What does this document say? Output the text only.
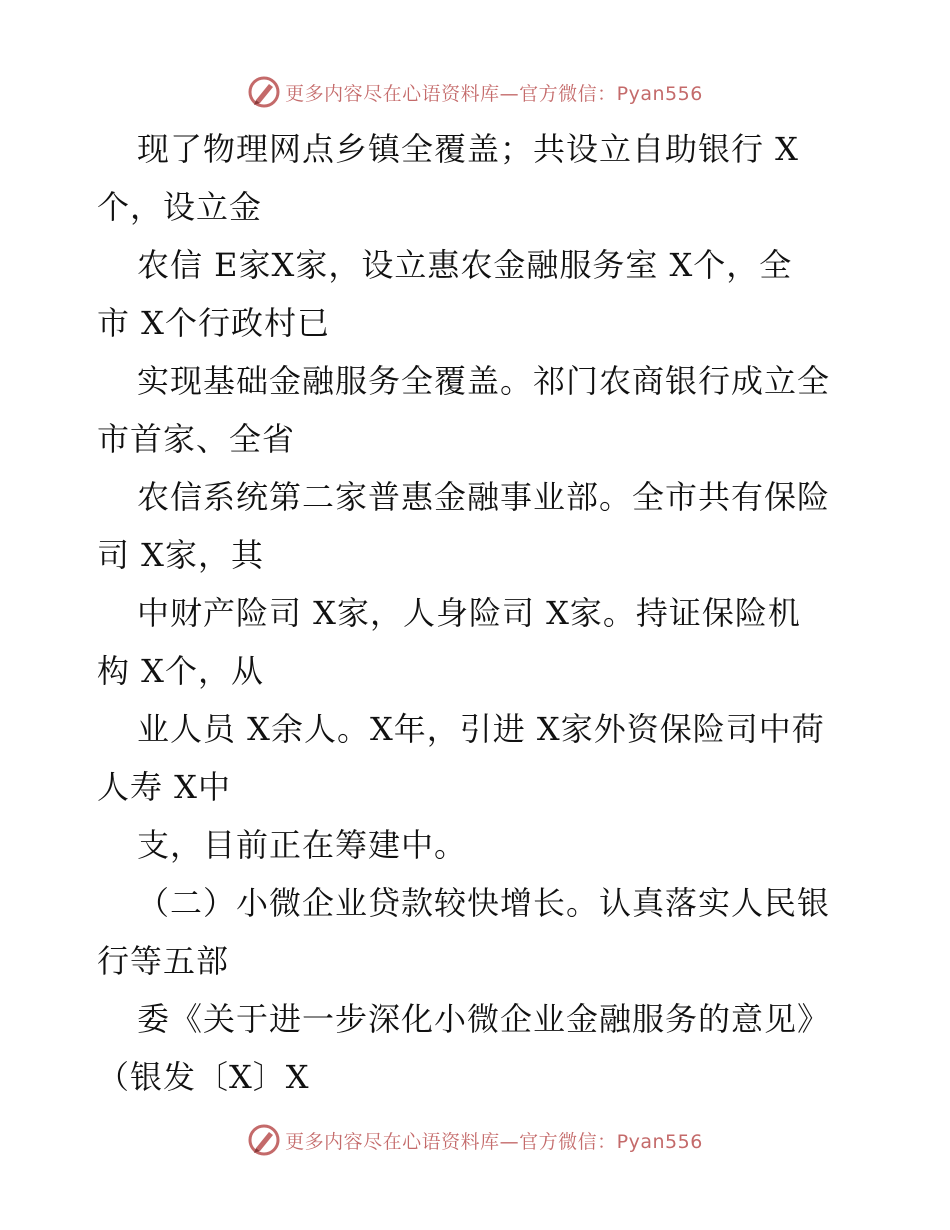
更多内容尽在心语资料库—官方微信：Pyan556
现了物理网点乡镇全覆盖；共设立自助银行 X
个，设立金
农信 E家X家，设立惠农金融服务室 X个，全
市 X个行政村已
实现基础金融服务全覆盖。祁门农商银行成立全
市首家、全省
农信系统第二家普惠金融事业部。全市共有保险
司 X家，其
中财产险司 X家，人身险司 X家。持证保险机
构 X个，从
业人员 X余人。X年，引进 X家外资保险司中荷
人寿 X中
支，目前正在筹建中。
（二）小微企业贷款较快增长。认真落实人民银
行等五部
委《关于进一步深化小微企业金融服务的意见》
（银发〔X〕X
更多内容尽在心语资料库—官方微信：Pyan556
